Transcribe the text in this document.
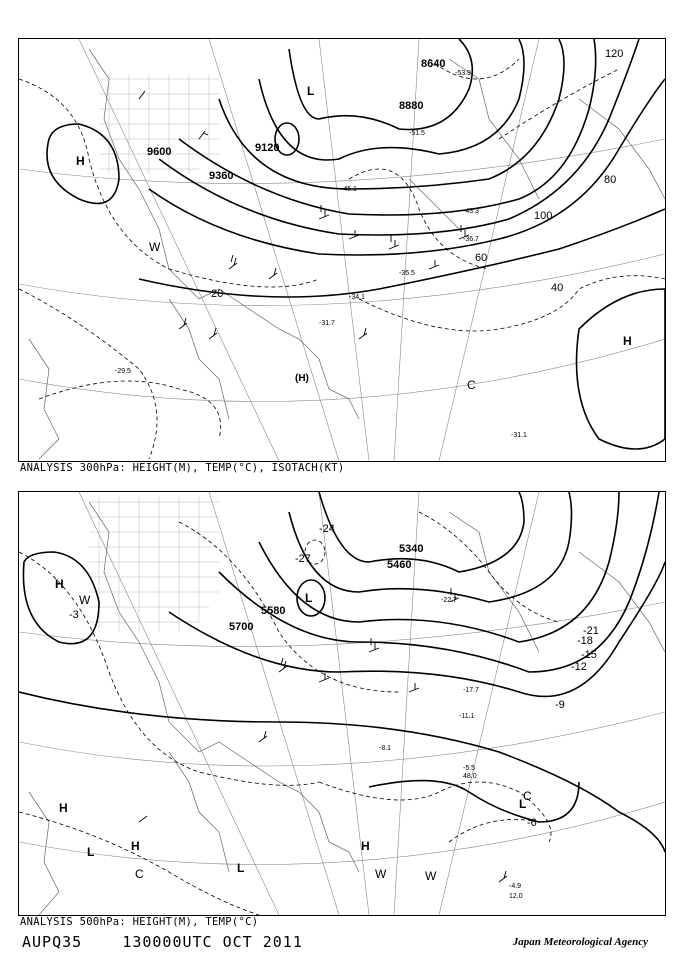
8640
8880
9120
9360
9600
20	40
60
80
100
120
H
H
(H)
L
C
W
-53.9
-51.5
-45.1
-43.3
-36.7
-35.5
-34.1
-31.7
-31.1
-29.5
ANALYSIS 300hPa: HEIGHT(M), TEMP(°C), ISOTACH(KT)
5340
5460
5580
5700
-3
-6
-9
-12
-15
-18
-21
-24
-27
H
H
H	H
L
L
L
L
C
C
W
W	W
-22.7
-17.7
-11.1
-8.1
-5.5
-4.9
12.0
48.0
ANALYSIS 500hPa: HEIGHT(M), TEMP(°C)
AUPQ35	130000UTC OCT 2011	Japan Meteorological Agency
